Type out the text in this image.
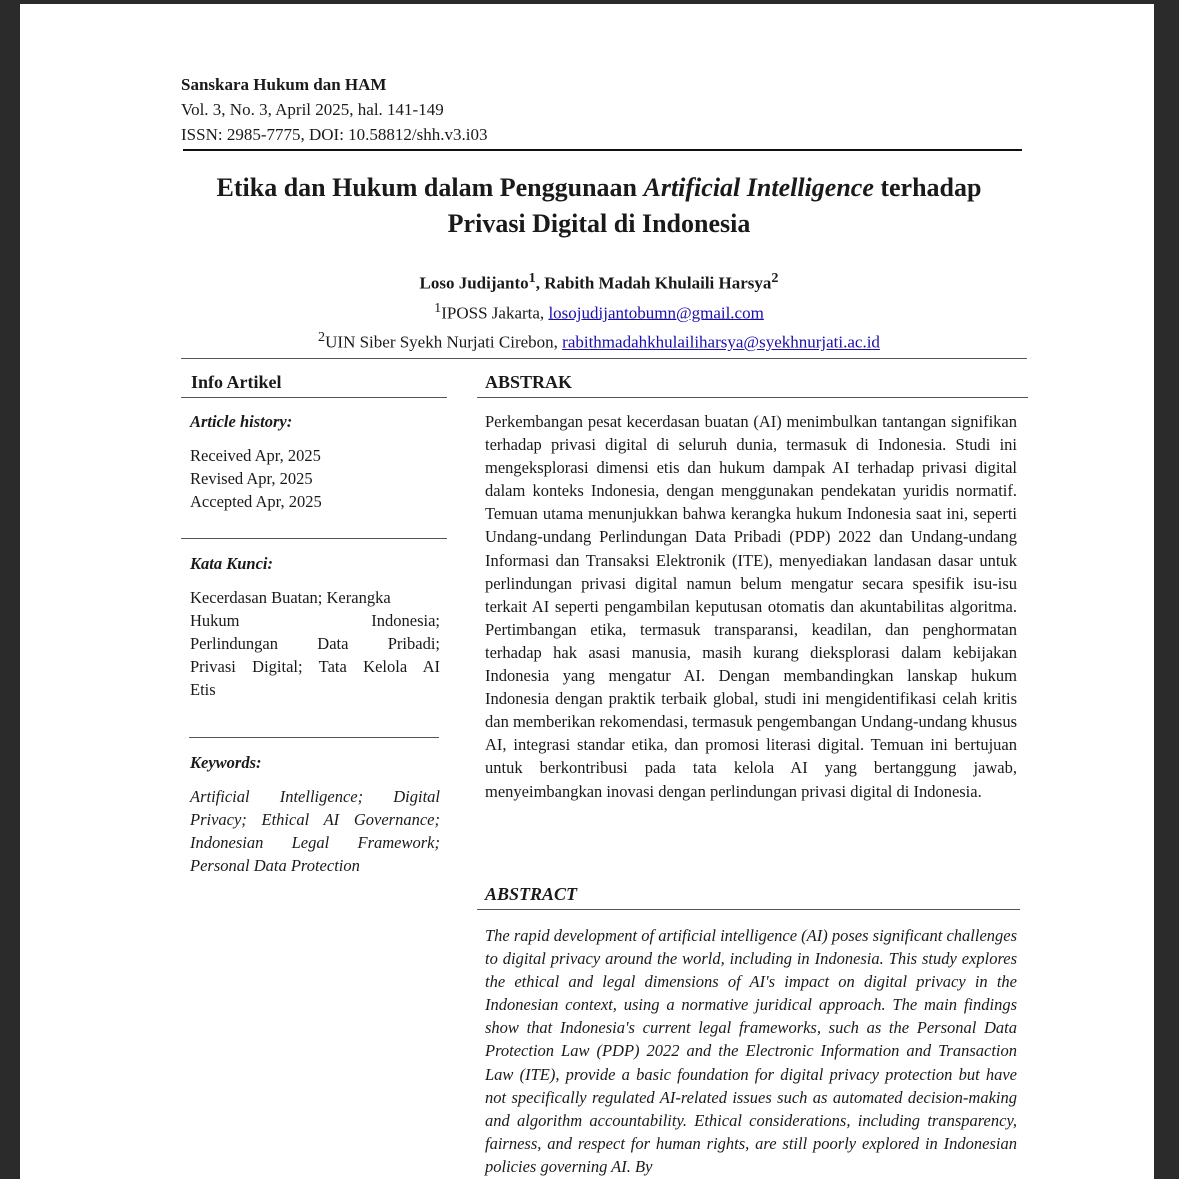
Sanskara Hukum dan HAM
Vol. 3, No. 3, April 2025, hal. 141-149
ISSN: 2985-7775, DOI: 10.58812/shh.v3.i03
Etika dan Hukum dalam Penggunaan Artificial Intelligence terhadap
Privasi Digital di Indonesia
Loso Judijanto$^1$, Rabith Madah Khulaili Harsya$^2$
$^1$IPOSS Jakarta, losojudijantobumn@gmail.com
$^2$UIN Siber Syekh Nurjati Cirebon, rabithmadahkhulailiharsya@syekhnurjati.ac.id
Info Artikel
Article history:
Received Apr, 2025
Revised Apr, 2025
Accepted Apr, 2025
Kata Kunci:
Kecerdasan Buatan; Kerangka

Hukum Indonesia;
Perlindungan Data Pribadi;
Privasi Digital; Tata Kelola AI
Etis
Keywords:
Artificial Intelligence; Digital
Privacy; Ethical AI Governance;
Indonesian Legal Framework;
Personal Data Protection
ABSTRAK
Perkembangan pesat kecerdasan buatan (AI) menimbulkan tantangan signifikan terhadap privasi digital di seluruh dunia, termasuk di Indonesia. Studi ini mengeksplorasi dimensi etis dan hukum dampak AI terhadap privasi digital dalam konteks Indonesia, dengan menggunakan pendekatan yuridis normatif. Temuan utama menunjukkan bahwa kerangka hukum Indonesia saat ini, seperti Undang-undang Perlindungan Data Pribadi (PDP) 2022 dan Undang-undang Informasi dan Transaksi Elektronik (ITE), menyediakan landasan dasar untuk perlindungan privasi digital namun belum mengatur secara spesifik isu-isu terkait AI seperti pengambilan keputusan otomatis dan akuntabilitas algoritma. Pertimbangan etika, termasuk transparansi, keadilan, dan penghormatan terhadap hak asasi manusia, masih kurang dieksplorasi dalam kebijakan Indonesia yang mengatur AI. Dengan membandingkan lanskap hukum Indonesia dengan praktik terbaik global, studi ini mengidentifikasi celah kritis dan memberikan rekomendasi, termasuk pengembangan Undang-undang khusus AI, integrasi standar etika, dan promosi literasi digital. Temuan ini bertujuan untuk berkontribusi pada tata kelola AI yang bertanggung jawab, menyeimbangkan inovasi dengan perlindungan privasi digital di Indonesia.
ABSTRACT
The rapid development of artificial intelligence (AI) poses significant challenges to digital privacy around the world, including in Indonesia. This study explores the ethical and legal dimensions of AI's impact on digital privacy in the Indonesian context, using a normative juridical approach. The main findings show that Indonesia's current legal frameworks, such as the Personal Data Protection Law (PDP) 2022 and the Electronic Information and Transaction Law (ITE), provide a basic foundation for digital privacy protection but have not specifically regulated AI-related issues such as automated decision-making and algorithm accountability. Ethical considerations, including transparency, fairness, and respect for human rights, are still poorly explored in Indonesian policies governing AI. By
